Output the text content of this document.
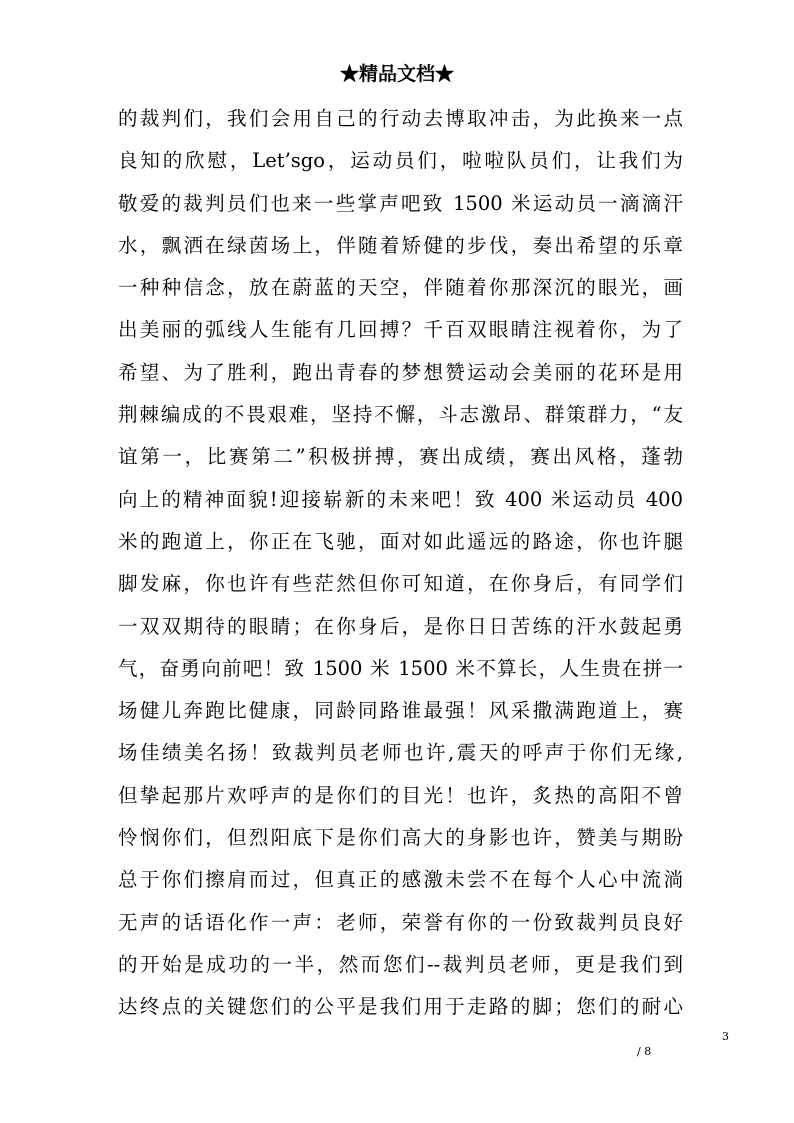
★精品文档★
的裁判们，我们会用自己的行动去博取冲击，为此换来一点
良知的欣慰，Let’sgo，运动员们，啦啦队员们，让我们为
敬爱的裁判员们也来一些掌声吧致 1500 米运动员一滴滴汗
水，飘洒在绿茵场上，伴随着矫健的步伐，奏出希望的乐章
一种种信念，放在蔚蓝的天空，伴随着你那深沉的眼光，画
出美丽的弧线人生能有几回搏？千百双眼睛注视着你，为了
希望、为了胜利，跑出青春的梦想赞运动会美丽的花环是用
荆棘编成的不畏艰难，坚持不懈，斗志激昂、群策群力，“友
谊第一，比赛第二”积极拼搏，赛出成绩，赛出风格，蓬勃
向上的精神面貌!迎接崭新的未来吧！致 400 米运动员 400
米的跑道上，你正在飞驰，面对如此遥远的路途，你也许腿
脚发麻，你也许有些茫然但你可知道，在你身后，有同学们
一双双期待的眼睛；在你身后，是你日日苦练的汗水鼓起勇
气，奋勇向前吧！致 1500 米 1500 米不算长，人生贵在拼一
场健儿奔跑比健康，同龄同路谁最强！风采撒满跑道上，赛
场佳绩美名扬！致裁判员老师也许,震天的呼声于你们无缘,
但挚起那片欢呼声的是你们的目光！也许，炙热的高阳不曾
怜悯你们，但烈阳底下是你们高大的身影也许，赞美与期盼
总于你们擦肩而过，但真正的感激未尝不在每个人心中流淌
无声的话语化作一声：老师，荣誉有你的一份致裁判员良好
的开始是成功的一半，然而您们--裁判员老师，更是我们到
达终点的关键您们的公平是我们用于走路的脚；您们的耐心
3
/ 8
